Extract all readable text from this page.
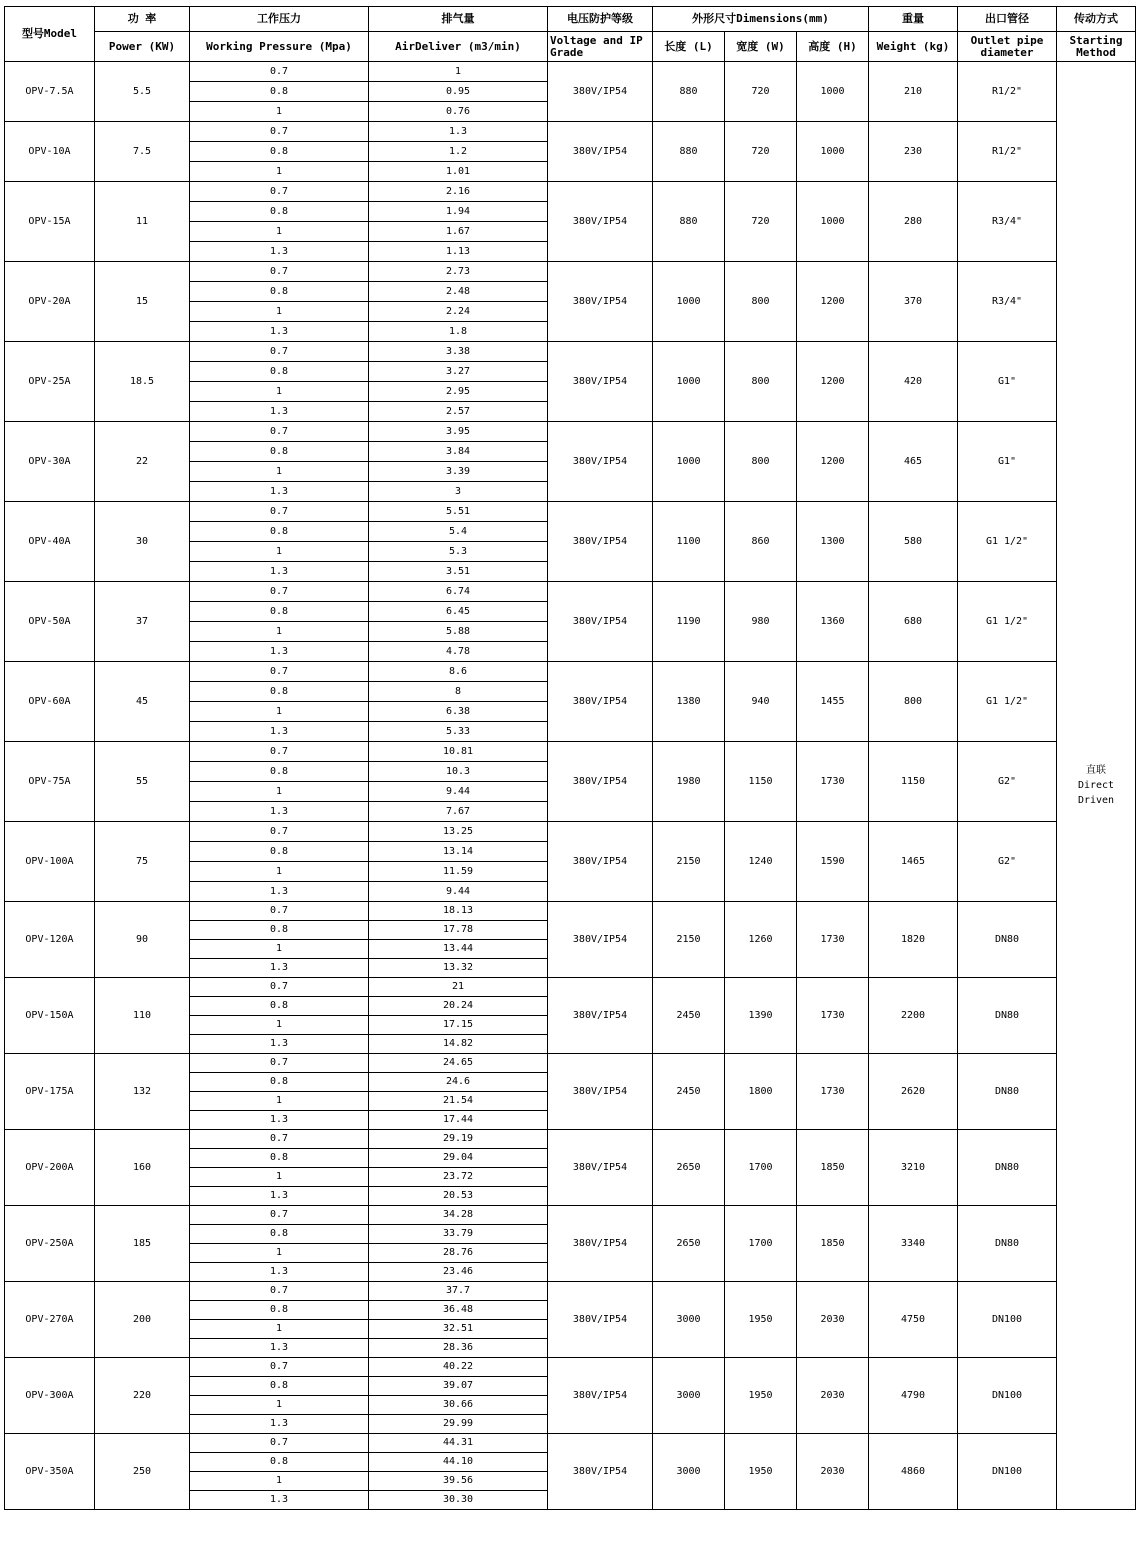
型号Model	功 率	工作压力	排气量	电压防护等级	外形尺寸Dimensions(mm)			重量	出口管径	传动方式
	Power (KW)	Working Pressure (Mpa)	AirDeliver (m3/min)	Voltage and IP Grade	长度 (L)	宽度 (W)	高度 (H)	Weight (kg)	Outlet pipe diameter	Starting Method
OPV-7.5A	5.5	0.7	1	380V/IP54	880	720	1000	210	R1/2"	直联
Direct Driven

		0.8	0.95							
		1	0.76							
OPV-10A	7.5	0.7	1.3	380V/IP54	880	720	1000	230	R1/2"	
		0.8	1.2							
		1	1.01							
OPV-15A	11	0.7	2.16	380V/IP54	880	720	1000	280	R3/4"	
		0.8	1.94							
		1	1.67							
		1.3	1.13							
OPV-20A	15	0.7	2.73	380V/IP54	1000	800	1200	370	R3/4"	
		0.8	2.48							
		1	2.24							
		1.3	1.8							
OPV-25A	18.5	0.7	3.38	380V/IP54	1000	800	1200	420	G1"	
		0.8	3.27							
		1	2.95							
		1.3	2.57							
OPV-30A	22	0.7	3.95	380V/IP54	1000	800	1200	465	G1"	
		0.8	3.84							
		1	3.39							
		1.3	3							
OPV-40A	30	0.7	5.51	380V/IP54	1100	860	1300	580	G1 1/2"	
		0.8	5.4							
		1	5.3							
		1.3	3.51							
OPV-50A	37	0.7	6.74	380V/IP54	1190	980	1360	680	G1 1/2"	
		0.8	6.45							
		1	5.88							
		1.3	4.78							
OPV-60A	45	0.7	8.6	380V/IP54	1380	940	1455	800	G1 1/2"	
		0.8	8							
		1	6.38							
		1.3	5.33							
OPV-75A	55	0.7	10.81	380V/IP54	1980	1150	1730	1150	G2"	
		0.8	10.3							
		1	9.44							
		1.3	7.67							
OPV-100A	75	0.7	13.25	380V/IP54	2150	1240	1590	1465	G2"	
		0.8	13.14							
		1	11.59							
		1.3	9.44							
OPV-120A	90	0.7	18.13	380V/IP54	2150	1260	1730	1820	DN80	
		0.8	17.78							
		1	13.44							
		1.3	13.32							
OPV-150A	110	0.7	21	380V/IP54	2450	1390	1730	2200	DN80	
		0.8	20.24							
		1	17.15							
		1.3	14.82							
OPV-175A	132	0.7	24.65	380V/IP54	2450	1800	1730	2620	DN80	
		0.8	24.6							
		1	21.54							
		1.3	17.44							
OPV-200A	160	0.7	29.19	380V/IP54	2650	1700	1850	3210	DN80	
		0.8	29.04							
		1	23.72							
		1.3	20.53							
OPV-250A	185	0.7	34.28	380V/IP54	2650	1700	1850	3340	DN80	
		0.8	33.79							
		1	28.76							
		1.3	23.46							
OPV-270A	200	0.7	37.7	380V/IP54	3000	1950	2030	4750	DN100	
		0.8	36.48							
		1	32.51							
		1.3	28.36							
OPV-300A	220	0.7	40.22	380V/IP54	3000	1950	2030	4790	DN100	
		0.8	39.07							
		1	30.66							
		1.3	29.99							
OPV-350A	250	0.7	44.31	380V/IP54	3000	1950	2030	4860	DN100	
		0.8	44.10							
		1	39.56							
		1.3	30.30							
